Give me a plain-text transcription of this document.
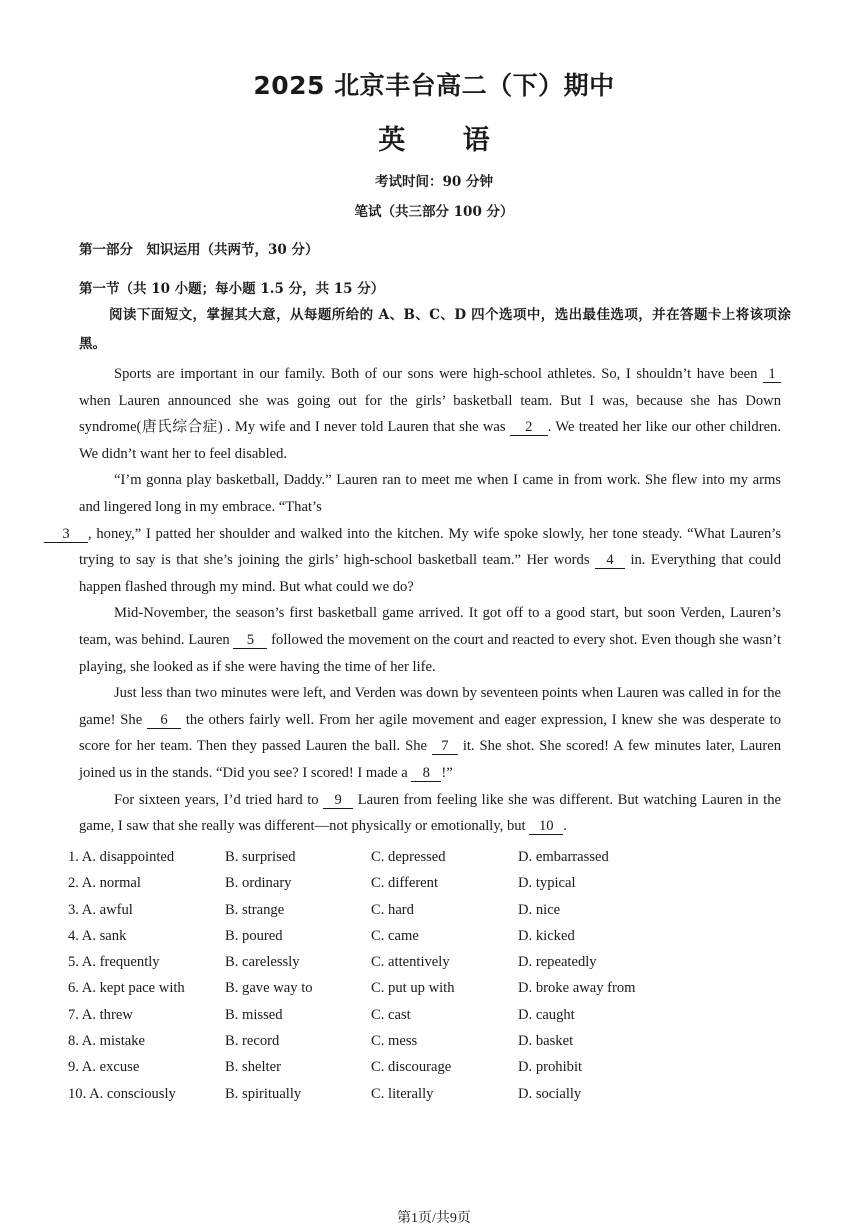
2025 北京丰台高二（下）期中
英 语
考试时间：90 分钟
笔试（共三部分 100 分）
第一部分　知识运用（共两节，30 分）
第一节（共 10 小题；每小题 1.5 分，共 15 分）
阅读下面短文，掌握其大意，从每题所给的 A、B、C、D 四个选项中，选出最佳选项，并在答题卡上将该项涂黑。

Sports are important in our family. Both of our sons were high-school athletes. So, I shouldn’t have been 1 when Lauren announced she was going out for the girls’ basketball team. But I was, because she has Down syndrome(唐氏综合症) . My wife and I never told Lauren that she was 2 . We treated her like our other children. We didn’t want her to feel disabled.

“I’m gonna play basketball, Daddy.” Lauren ran to meet me when I came in from work. She flew into my arms and lingered long in my embrace. “That’s
3 , honey,” I patted her shoulder and walked into the kitchen. My wife spoke slowly, her tone steady. “What Lauren’s trying to say is that she’s joining the girls’ high-school basketball team.” Her words 4 in. Everything that could happen flashed through my mind. But what could we do?

Mid-November, the season’s first basketball game arrived. It got off to a good start, but soon Verden, Lauren’s team, was behind. Lauren 5 followed the movement on the court and reacted to every shot. Even though she wasn’t playing, she looked as if she were having the time of her life.

Just less than two minutes were left, and Verden was down by seventeen points when Lauren was called in for the game! She 6 the others fairly well. From her agile movement and eager expression, I knew she was desperate to score for her team. Then they passed Lauren the ball. She 7 it. She shot. She scored! A few minutes later, Lauren joined us in the stands. “Did you see? I scored! I made a 8 !”

For sixteen years, I’d tried hard to 9 Lauren from feeling like she was different. But watching Lauren in the game, I saw that she really was different—not physically or emotionally, but 10 .

1. A. disappointed	B. surprised	C. depressed	D. embarrassed
2. A. normal	B. ordinary	C. different	D. typical
3. A. awful	B. strange	C. hard	D. nice
4. A. sank	B. poured	C. came	D. kicked
5. A. frequently	B. carelessly	C. attentively	D. repeatedly
6. A. kept pace with	B. gave way to	C. put up with	D. broke away from
7. A. threw	B. missed	C. cast	D. caught
8. A. mistake	B. record	C. mess	D. basket
9. A. excuse	B. shelter	C. discourage	D. prohibit
10. A. consciously	B. spiritually	C. literally	D. socially
第1页/共9页
